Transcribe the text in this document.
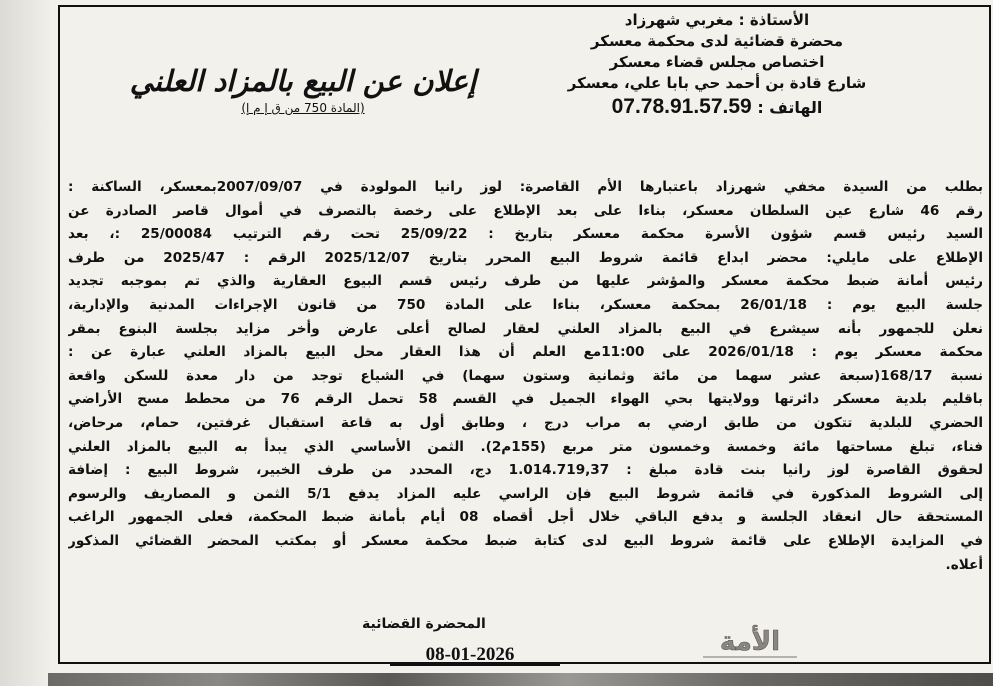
الأستاذة : مغربي شهرزاد
محضرة قضائية لدى محكمة معسكر
اختصاص مجلس قضاء معسكر
شارع قادة بن أحمد حي بابا علي، معسكر
الهاتف : 07.78.91.57.59
إعلان عن البيع بالمزاد العلني
(المادة 750 من ق إ م إ)
بطلب من السيدة مخفي شهرزاد باعتبارها الأم القاصرة: لوز رانيا المولودة في 2007/09/07بمعسكر، الساكنة :
رقم 46 شارع عين السلطان معسكر، بناءا على بعد الإطلاع على رخصة بالتصرف في أموال قاصر الصادرة عن
السيد رئيس قسم شؤون الأسرة محكمة معسكر بتاريخ : 25/09/22 تحت رقم الترتيب 25/00084 :، بعد
الإطلاع على مايلي: محضر ابداع قائمة شروط البيع المحرر بتاريخ 2025/12/07 الرقم : 2025/47 من طرف
رئيس أمانة ضبط محكمة معسكر والمؤشر عليها من طرف رئيس قسم البيوع العقارية والذي تم بموجبه تجديد
جلسة البيع يوم : 26/01/18 بمحكمة معسكر، بناءا على المادة 750 من قانون الإجراءات المدنية والإدارية،
نعلن للجمهور بأنه سيشرع في البيع بالمزاد العلني لعقار لصالح أعلى عارض وأخر مزايد بجلسة البنوع بمقر
محكمة معسكر يوم : 2026/01/18 على 11:00مع العلم أن هذا العقار محل البيع بالمزاد العلني عبارة عن :
نسبة 168/17(سبعة عشر سهما من مائة وثمانية وستون سهما) في الشياع توجد من دار معدة للسكن واقعة
باقليم بلدية معسكر دائرتها وولايتها بحي الهواء الجميل في القسم 58 تحمل الرقم 76 من محطط مسح الأراضي
الحضري للبلدية تتكون من طابق ارضي به مراب درج ، وطابق أول به قاعة استقبال غرفتين، حمام، مرحاض،
فناء، تبلغ مساحتها مائة وخمسة وخمسون متر مربع (155م2). الثمن الأساسي الذي يبدأ به البيع بالمزاد العلني
لحقوق القاصرة لوز رانيا بنت قادة مبلغ : 1.014.719,37 دج، المحدد من طرف الخبير، شروط البيع : إضافة
إلى الشروط المذكورة في قائمة شروط البيع فإن الراسي عليه المزاد يدفع 5/1 الثمن و المصاريف والرسوم
المستحقة حال انعقاد الجلسة و يدفع الباقي خلال أجل أقصاه 08 أيام بأمانة ضبط المحكمة، فعلى الجمهور الراغب
في المزايدة الإطلاع على قائمة شروط البيع لدى كتابة ضبط محكمة معسكر أو بمكتب المحضر القضائي المذكور
أعلاه.
المحضرة القضائية
الأمة
08-01-2026
